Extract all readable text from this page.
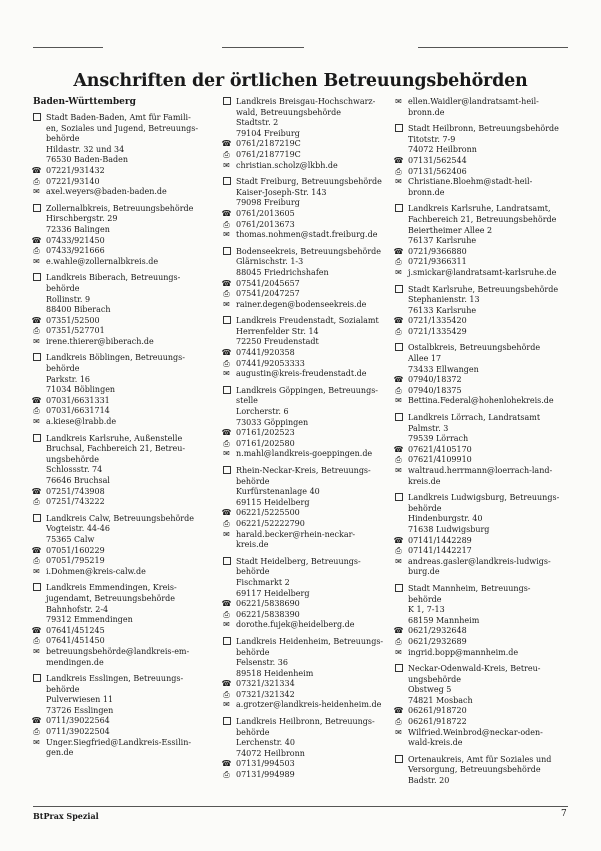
Anschriften der örtlichen Betreuungsbehörden
Baden-Württemberg
Stadt Baden-Baden, Amt für Famili-
en, Soziales und Jugend, Betreuungs-
behörde
Hildastr. 32 und 34
76530 Baden-Baden
☎ 07221/931432
⎙ 07221/93140
✉ axel.weyers@baden-baden.de
Zollernalbkreis, Betreuungsbehörde
Hirschbergstr. 29
72336 Balingen
☎ 07433/921450
⎙ 07433/921666
✉ e.wahle@zollernalbkreis.de
Landkreis Biberach, Betreuungs-
behörde
Rollinstr. 9
88400 Biberach
☎ 07351/52500
⎙ 07351/527701
✉ irene.thierer@biberach.de
Landkreis Böblingen, Betreuungs-
behörde
Parkstr. 16
71034 Böblingen
☎ 07031/6631331
⎙ 07031/6631714
✉ a.kiese@lrabb.de
Landkreis Karlsruhe, Außenstelle
Bruchsal, Fachbereich 21, Betreu-
ungsbehörde
Schlossstr. 74
76646 Bruchsal
☎ 07251/743908
⎙ 07251/743222
Landkreis Calw, Betreuungsbehörde
Vogteistr. 44-46
75365 Calw
☎ 07051/160229
⎙ 07051/795219
✉ i.Dohmen@kreis-calw.de
Landkreis Emmendingen, Kreis-
jugendamt, Betreuungsbehörde
Bahnhofstr. 2-4
79312 Emmendingen
☎ 07641/451245
⎙ 07641/451450
✉ betreuungsbehörde@landkreis-em-
mendingen.de
Landkreis Esslingen, Betreuungs-
behörde
Pulverwiesen 11
73726 Esslingen
☎ 0711/39022564
⎙ 0711/39022504
✉ Unger.Siegfried@Landkreis-Essilin-
gen.de
Landkreis Breisgau-Hochschwarz-
wald, Betreuungsbehörde
Stadtstr. 2
79104 Freiburg
☎ 0761/2187219C
⎙ 0761/2187719C
✉ christian.scholz@lkbh.de
Stadt Freiburg, Betreuungsbehörde
Kaiser-Joseph-Str. 143
79098 Freiburg
☎ 0761/2013605
⎙ 0761/2013673
✉ thomas.nohmen@stadt.freiburg.de
Bodenseekreis, Betreuungsbehörde
Glärnischstr. 1-3
88045 Friedrichshafen
☎ 07541/2045657
⎙ 07541/2047257
✉ rainer.degen@bodenseekreis.de
Landkreis Freudenstadt, Sozialamt
Herrenfelder Str. 14
72250 Freudenstadt
☎ 07441/920358
⎙ 07441/92053333
✉ augustin@kreis-freudenstadt.de
Landkreis Göppingen, Betreuungs-
stelle
Lorcherstr. 6
73033 Göppingen
☎ 07161/202523
⎙ 07161/202580
✉ n.mahl@landkreis-goeppingen.de
Rhein-Neckar-Kreis, Betreuungs-
behörde
Kurfürstenanlage 40
69115 Heidelberg
☎ 06221/5225500
⎙ 06221/52222790
✉ harald.becker@rhein-neckar-
kreis.de
Stadt Heidelberg, Betreuungs-
behörde
Fischmarkt 2
69117 Heidelberg
☎ 06221/5838690
⎙ 06221/5838390
✉ dorothe.fujek@heidelberg.de
Landkreis Heidenheim, Betreuungs-
behörde
Felsenstr. 36
89518 Heidenheim
☎ 07321/321334
⎙ 07321/321342
✉ a.grotzer@landkreis-heidenheim.de
Landkreis Heilbronn, Betreuungs-
behörde
Lerchenstr. 40
74072 Heilbronn
☎ 07131/994503
⎙ 07131/994989
✉ ellen.Waidler@landratsamt-heil-
bronn.de
Stadt Heilbronn, Betreuungsbehörde
Titotstr. 7-9
74072 Heilbronn
☎ 07131/562544
⎙ 07131/562406
✉ Christiane.Bloehm@stadt-heil-
bronn.de
Landkreis Karlsruhe, Landratsamt,
Fachbereich 21, Betreuungsbehörde
Beiertheimer Allee 2
76137 Karlsruhe
☎ 0721/9366880
⎙ 0721/9366311
✉ j.smickar@landratsamt-karlsruhe.de
Stadt Karlsruhe, Betreuungsbehörde
Stephanienstr. 13
76133 Karlsruhe
☎ 0721/1335420
⎙ 0721/1335429
Ostalbkreis, Betreuungsbehörde
Allee 17
73433 Ellwangen
☎ 07940/18372
⎙ 07940/18375
✉ Bettina.Federal@hohenlohekreis.de
Landkreis Lörrach, Landratsamt
Palmstr. 3
79539 Lörrach
☎ 07621/4105170
⎙ 07621/4109910
✉ waltraud.herrmann@loerrach-land-
kreis.de
Landkreis Ludwigsburg, Betreuungs-
behörde
Hindenburgstr. 40
71638 Ludwigsburg
☎ 07141/1442289
⎙ 07141/1442217
✉ andreas.gasler@landkreis-ludwigs-
burg.de
Stadt Mannheim, Betreuungs-
behörde
K 1, 7-13
68159 Mannheim
☎ 0621/2932648
⎙ 0621/2932689
✉ ingrid.bopp@mannheim.de
Neckar-Odenwald-Kreis, Betreu-
ungsbehörde
Obstweg 5
74821 Mosbach
☎ 06261/918720
⎙ 06261/918722
✉ Wilfried.Weinbrod@neckar-oden-
wald-kreis.de
Ortenaukreis, Amt für Soziales und
Versorgung, Betreuungsbehörde
Badstr. 20
BtPrax Spezial	7
